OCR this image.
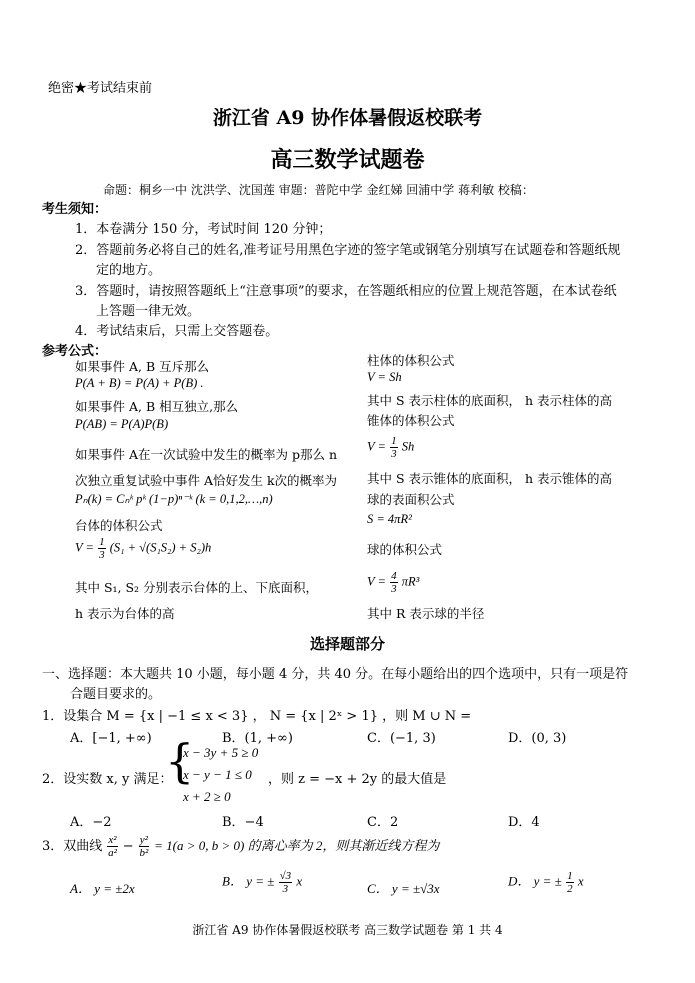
绝密★考试结束前
浙江省 A9 协作体暑假返校联考
高三数学试题卷
命题：桐乡一中 沈洪学、沈国莲 审题：普陀中学 金红娣 回浦中学 蒋利敏 校稿：
考生须知：
1．本卷满分 150 分，考试时间 120 分钟；
2．答题前务必将自己的姓名,准考证号用黑色字迹的签字笔或钢笔分别填写在试题卷和答题纸规
定的地方。
3．答题时，请按照答题纸上“注意事项”的要求，在答题纸相应的位置上规范答题，在本试卷纸
上答题一律无效。
4．考试结束后，只需上交答题卷。
参考公式：
如果事件 A, B 互斥那么
P(A + B) = P(A) + P(B) .
如果事件 A, B 相互独立,那么
P(AB) = P(A)P(B)
如果事件 A在一次试验中发生的概率为 p那么 n
次独立重复试验中事件 A恰好发生 k次的概率为
Pₙ(k) = Cₙᵏ pᵏ (1−p)ⁿ⁻ᵏ (k = 0,1,2,…,n)
台体的体积公式
$V = \frac{1}{3} (S_1 + √(S_1S_2) + S_2)h$
其中 S₁, S₂ 分别表示台体的上、下底面积，
h 表示为台体的高
柱体的体积公式
V = Sh
其中 S 表示柱体的底面积， h 表示柱体的高
锥体的体积公式
$V = \frac{1}{3}$ Sh
其中 S 表示锥体的底面积， h 表示锥体的高
球的表面积公式
S = 4πR²
球的体积公式
$V = \frac{4}{3} \pi R^3$
其中 R 表示球的半径
选择题部分
一、选择题：本大题共 10 小题，每小题 4 分，共 40 分。在每小题给出的四个选项中，只有一项是符
合题目要求的。
1．设集合 M = {x | −1 ≤ x < 3} ， N = {x | 2ˣ > 1} ，则 M ∪ N =
A．[−1, +∞)	B．(1, +∞)	C．(−1, 3)	D．(0, 3)
2．设实数 x, y 满足：
{
x − 3y + 5 ≥ 0
x − y − 1 ≤ 0
x + 2 ≥ 0
，则 z = −x + 2y 的最大值是
A．−2	B．−4	C．2	D．4
3．双曲线 $\frac{\text{x²}}{\text{a²}} - \frac{\text{y²}}{\text{b²}} = 1(a > 0$, b > 0) 的离心率为 2，则其渐近线方程为
A． y = ±2x
B． y = ± $\frac{√3}{3}$ x
C． y = ±√3x
D． y = ± $\frac{1}{2}$ x
浙江省 A9 协作体暑假返校联考 高三数学试题卷 第 1 共 4
